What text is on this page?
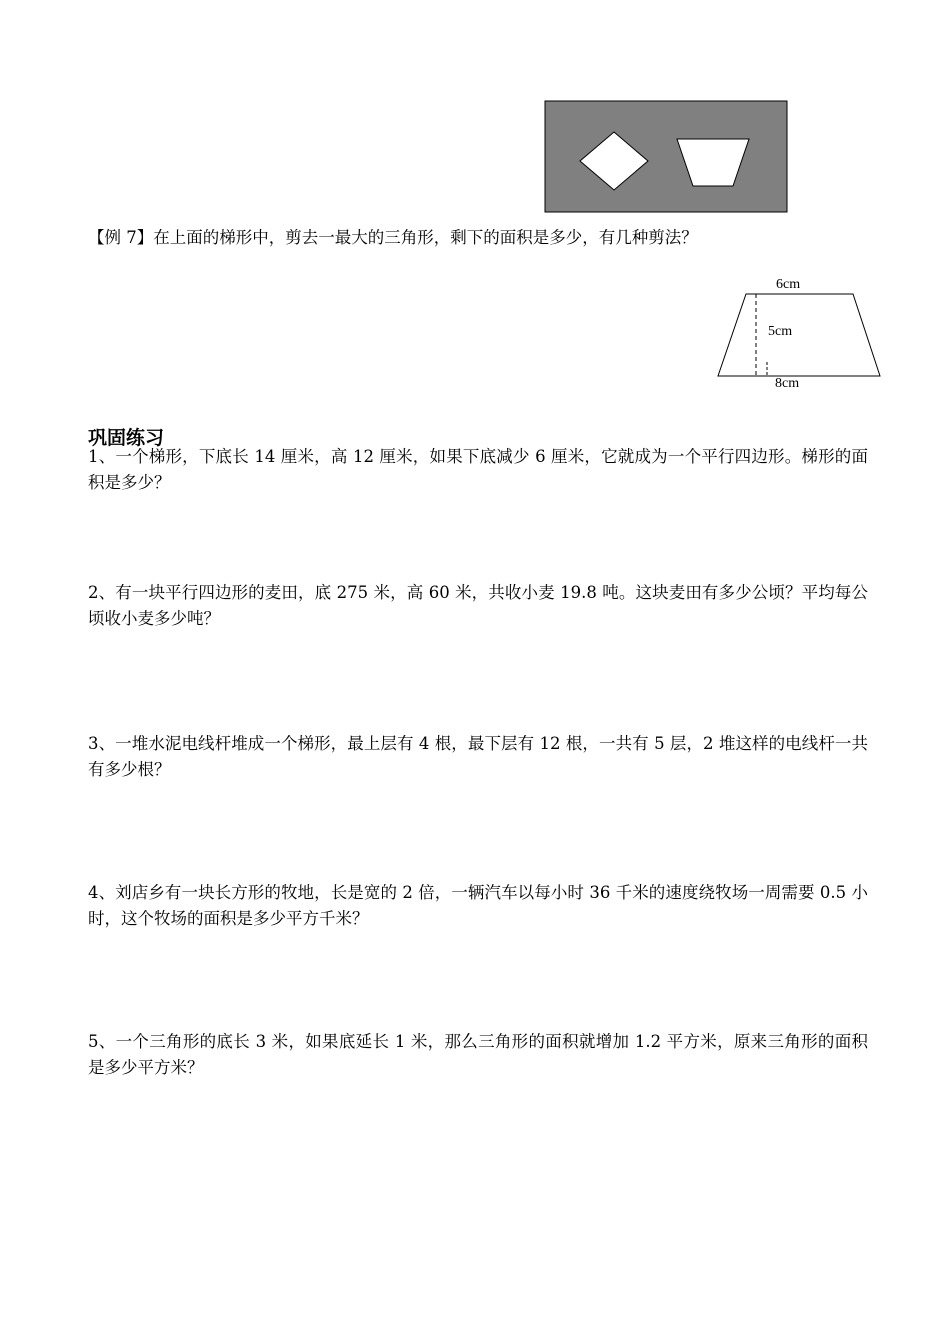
【例 7】在上面的梯形中，剪去一最大的三角形，剩下的面积是多少，有几种剪法？
6cm
5cm
8cm
巩固练习
1、一个梯形，下底长 14 厘米，高 12 厘米，如果下底减少 6 厘米，它就成为一个平行四边形。梯形的面积是多少？
2、有一块平行四边形的麦田，底 275 米，高 60 米，共收小麦 19.8 吨。这块麦田有多少公顷？平均每公顷收小麦多少吨？
3、一堆水泥电线杆堆成一个梯形，最上层有 4 根，最下层有 12 根，一共有 5 层，2 堆这样的电线杆一共有多少根？
4、刘店乡有一块长方形的牧地，长是宽的 2 倍，一辆汽车以每小时 36 千米的速度绕牧场一周需要 0.5 小时，这个牧场的面积是多少平方千米？
5、一个三角形的底长 3 米，如果底延长 1 米，那么三角形的面积就增加 1.2 平方米，原来三角形的面积是多少平方米？
